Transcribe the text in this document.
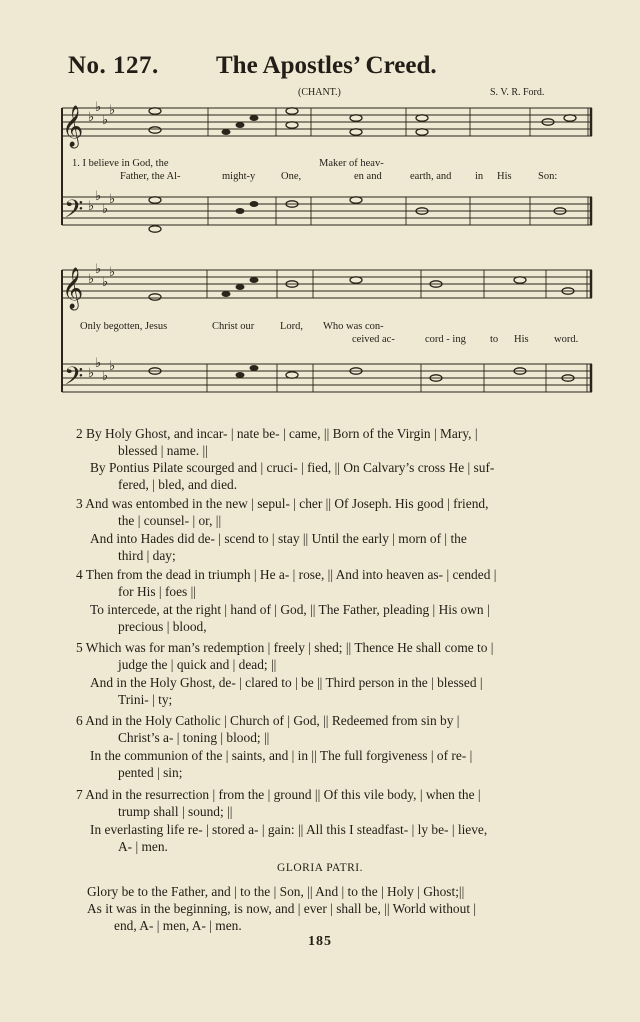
No. 127. The Apostles’ Creed.
(CHANT.)	S. V. R. Ford.
𝄞
𝄢
𝄞
𝄢
♭
♭
♭
♭
♭
♭
♭
♭
♭
♭
♭
♭
♭
♭
♭
♭
1. I believe in God, the
Father, the Al-	might-y One,
Maker of heav-
en and	earth, and in His	Son:
Only begotten, Jesus	Christ our Lord, Who was con-
ceived ac-	cord - ing to His word.
2 By Holy Ghost, and incar- | nate be- | came, || Born of the Virgin | Mary, |
blessed | name. ||
By Pontius Pilate scourged and | cruci- | fied, || On Calvary’s cross He | suf-
fered, | bled, and died.
3 And was entombed in the new | sepul- | cher || Of Joseph. His good | friend,
the | counsel- | or, ||
And into Hades did de- | scend to | stay || Until the early | morn of | the
third | day;
4 Then from the dead in triumph | He a- | rose, || And into heaven as- | cended |
for His | foes ||
To intercede, at the right | hand of | God, || The Father, pleading | His own |
precious | blood,
5 Which was for man’s redemption | freely | shed; || Thence He shall come to |
judge the | quick and | dead; ||
And in the Holy Ghost, de- | clared to | be || Third person in the | blessed |
Trini- | ty;
6 And in the Holy Catholic | Church of | God, || Redeemed from sin by |
Christ’s a- | toning | blood; ||
In the communion of the | saints, and | in || The full forgiveness | of re- |
pented | sin;
7 And in the resurrection | from the | ground || Of this vile body, | when the |
trump shall | sound; ||
In everlasting life re- | stored a- | gain: || All this I steadfast- | ly be- | lieve,
A- | men.
GLORIA PATRI.
Glory be to the Father, and | to the | Son, || And | to the | Holy | Ghost;||
As it was in the beginning, is now, and | ever | shall be, || World without |
end, A- | men, A- | men.
185
